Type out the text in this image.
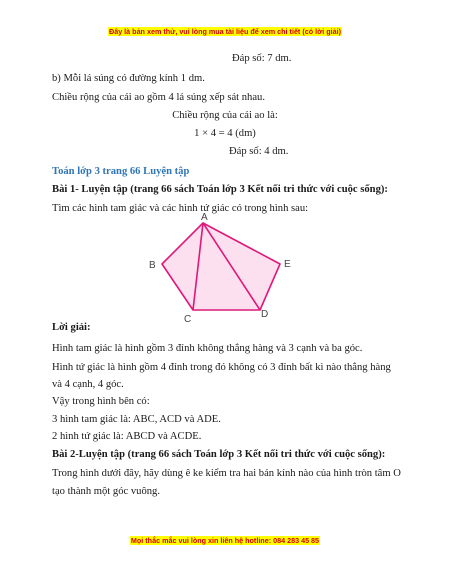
Đây là bản xem thử, vui lòng mua tài liệu để xem chi tiết (có lời giải)
Đáp số: 7 dm.
b) Mỗi lá súng có đường kính 1 dm.
Chiều rộng của cái ao gồm 4 lá súng xếp sát nhau.
Chiều rộng của cái ao là:
1 × 4 = 4 (dm)
Đáp số: 4 dm.
Toán lớp 3 trang 66 Luyện tập
Bài 1- Luyện tập (trang 66 sách Toán lớp 3 Kết nối tri thức với cuộc sống):
Tìm các hình tam giác và các hình tứ giác có trong hình sau:
A
B
C	D
E
Lời giải:
Hình tam giác là hình gồm 3 đỉnh không thẳng hàng và 3 cạnh và ba góc.
Hình tứ giác là hình gồm 4 đỉnh trong đó không có 3 đỉnh bất kì nào thẳng hàng
và 4 cạnh, 4 góc.
Vậy trong hình bên có:
3 hình tam giác là: ABC, ACD và ADE.
2 hình tứ giác là: ABCD và ACDE.
Bài 2-Luyện tập (trang 66 sách Toán lớp 3 Kết nối tri thức với cuộc sống):
Trong hình dưới đây, hãy dùng ê ke kiểm tra hai bán kính nào của hình tròn tâm O
tạo thành một góc vuông.
Mọi thắc mắc vui lòng xin liên hệ hotline: 084 283 45 85
